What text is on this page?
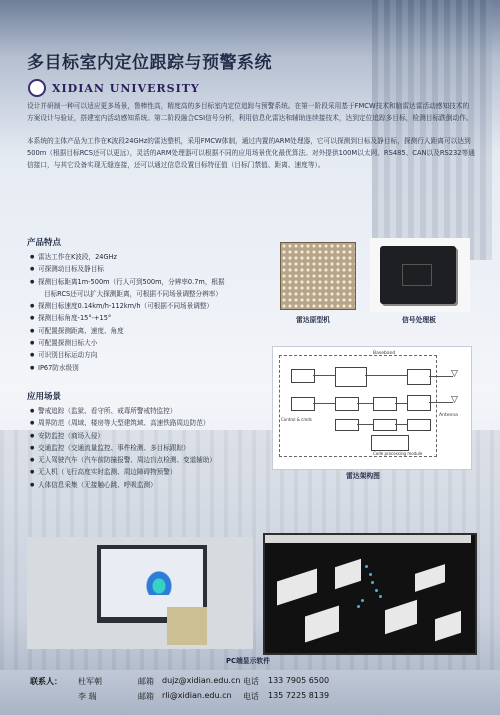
多目标室内定位跟踪与预警系统
XIDIAN UNIVERSITY

设计并研制一种可以适应更多场景，鲁棒性高，精度高的多目标室内定位追踪与预警系统。在第一阶段采用基于FMCW技术和脑雷达雷活动感知技术的方案设计与验证，搭建室内活动感知系统。第二阶段融合CSI信号分析，利用信息化雷达和辅助连续接技术，达到定位追踪多目标，检测目标跌倒动作。

本系统的主体产品为工作在K波段24GHz的雷达整机，采用FMCW体制，通过内置的ARM处理器，它可以探测到目标及静目标，探测行人距离可以达到500m（根据目标RCS还可以更远），灵活的ARM处理器可以根据不同的应用场景优化最优算法。对外提供100M以太网、RS485、CAN以及RS232等通信接口，与其它设备实现无缝连接，还可以通过信息设置目标特征值（目标门禁值、距离、速度等）。

产品特点
● 雷达工作在K波段，24GHz
● 可探测动目标及静目标
● 探测目标距离1m-500m（行人可到500m，分辨率0.7m，根据
目标RCS还可以扩大探测距离，可根据不同场景调整分辨率）
● 探测目标速度0.14km/h-112km/h（可根据不同场景调整）
● 探测目标角度-15°-+15°
● 可配置探测距离、速度、角度
● 可配置探测目标大小
● 可识别目标运动方向
● IP67防水级别
应用场景
● 警戒追踪（监狱、看守所、戒毒所警戒特监控）
● 周界防范（周域、楼房等大型建筑域、高速铁路周边防范）
● 安防监控（商场入侵）
● 交通监控（交通流量监控、事件检测、多目标跟踪）
● 无人驾驶汽车（汽车前防撞报警、周边盲点检测、变道辅助）
● 无人机（飞行高度实时监测、周边障碍物预警）
● 人体信息采集（无接触心跳、呼吸监测）
雷达原型机	信号处理板
Baseband
▽
▽
Antenna
Code processing module
Control & cmds
雷达架构图
PC端显示软件
联系人： 杜军朝	邮箱 dujz@xidian.edu.cn 电话 133 7905 6500
李 瑞	邮箱 rli@xidian.edu.cn 电话 135 7225 8139
